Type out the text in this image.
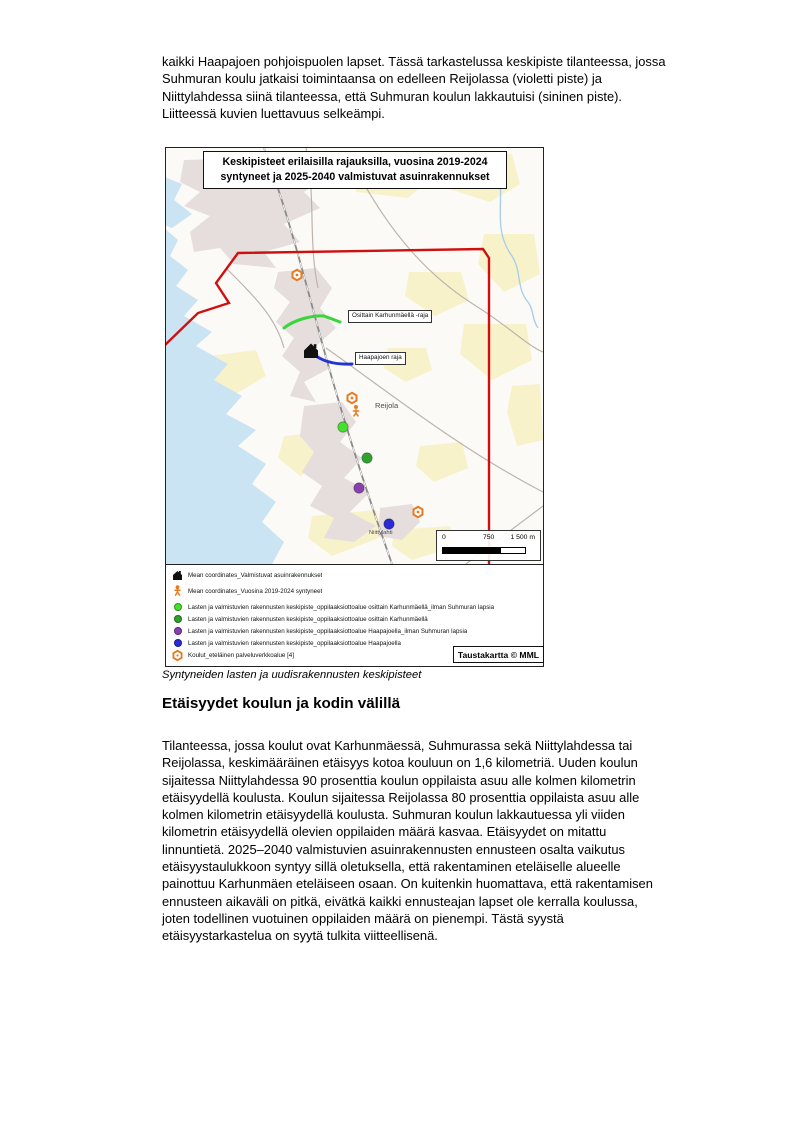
kaikki Haapajoen pohjoispuolen lapset. Tässä tarkastelussa keskipiste tilanteessa, jossa
Suhmuran koulu jatkaisi toimintaansa on edelleen Reijolassa (violetti piste) ja
Niittylahdessa siinä tilanteessa, että Suhmuran koulun lakkautuisi (sininen piste).
Liitteessä kuvien luettavuus selkeämpi.
Keskipisteet erilaisilla rajauksilla, vuosina 2019-2024
syntyneet ja 2025-2040 valmistuvat asuinrakennukset
Osittain Karhunmäellä -raja
Haapajoen raja
Reijola
Niittylahti
0	750 1 500 m
Mean coordinates_Valmistuvat asuinrakennukset
Mean coordinates_Vuosina 2019-2024 syntyneet
Lasten ja valmistuvien rakennusten keskipiste_oppilaaksiottoalue osittain Karhunmäellä_ilman Suhmuran lapsia
Lasten ja valmistuvien rakennusten keskipiste_oppilaaksiottoalue osittain Karhunmäellä
Lasten ja valmistuvien rakennusten keskipiste_oppilaaksiottoalue Haapajoella_ilman Suhmuran lapsia
Lasten ja valmistuvien rakennusten keskipiste_oppilaaksiottoalue Haapajoella
Koulut_eteläinen palveluverkkoalue [4]	Taustakartta © MML
Syntyneiden lasten ja uudisrakennusten keskipisteet
Etäisyydet koulun ja kodin välillä
Tilanteessa, jossa koulut ovat Karhunmäessä, Suhmurassa sekä Niittylahdessa tai
Reijolassa, keskimääräinen etäisyys kotoa kouluun on 1,6 kilometriä. Uuden koulun
sijaitessa Niittylahdessa 90 prosenttia koulun oppilaista asuu alle kolmen kilometrin
etäisyydellä koulusta. Koulun sijaitessa Reijolassa 80 prosenttia oppilaista asuu alle
kolmen kilometrin etäisyydellä koulusta. Suhmuran koulun lakkautuessa yli viiden
kilometrin etäisyydellä olevien oppilaiden määrä kasvaa. Etäisyydet on mitattu
linnuntietä. 2025–2040 valmistuvien asuinrakennusten ennusteen osalta vaikutus
etäisyystaulukkoon syntyy sillä oletuksella, että rakentaminen eteläiselle alueelle
painottuu Karhunmäen eteläiseen osaan. On kuitenkin huomattava, että rakentamisen
ennusteen aikaväli on pitkä, eivätkä kaikki ennusteajan lapset ole kerralla koulussa,
joten todellinen vuotuinen oppilaiden määrä on pienempi. Tästä syystä
etäisyystarkastelua on syytä tulkita viitteellisenä.
